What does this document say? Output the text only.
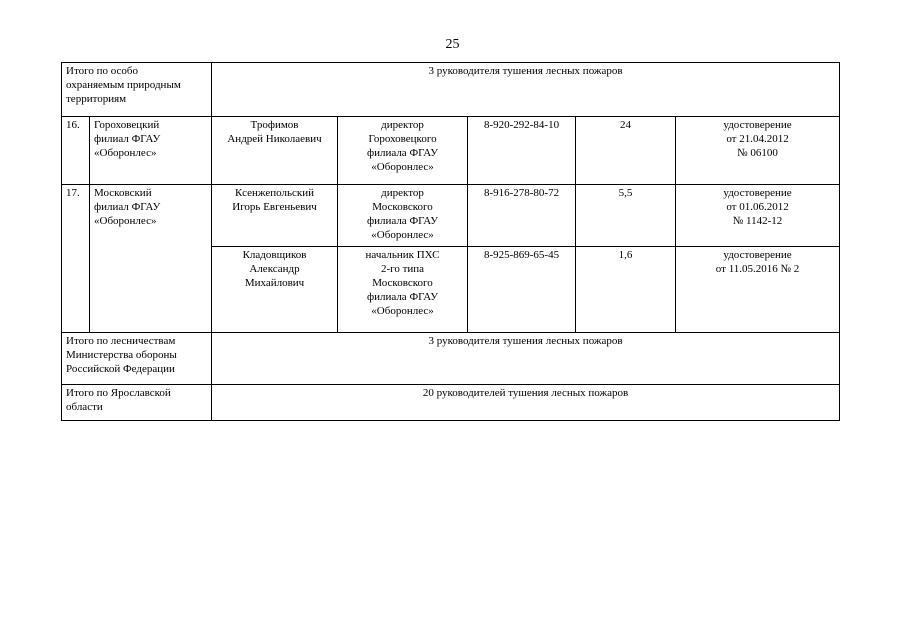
25
Итого по особо
охраняемым природным
территориям		3 руководителя тушения лесных пожаров				
16.	Гороховецкий
филиал ФГАУ
«Оборонлес»	Трофимов
Андрей Николаевич	директор
Гороховецкого
филиала ФГАУ
«Оборонлес»	8-920-292-84-10	24	удостоверение
от 21.04.2012
№ 06100
17.	Московский
филиал ФГАУ
«Оборонлес»	Ксенжепольский
Игорь Евгеньевич	директор
Московского
филиала ФГАУ
«Оборонлес»	8-916-278-80-72	5,5	удостоверение
от 01.06.2012
№ 1142-12
		Кладовщиков
Александр
Михайлович	начальник ПХС
2-го типа
Московского
филиала ФГАУ
«Оборонлес»	8-925-869-65-45	1,6	удостоверение
от 11.05.2016 № 2
Итого по лесничествам
Министерства обороны
Российской Федерации		3 руководителя тушения лесных пожаров				
Итого по Ярославской
области		20 руководителей тушения лесных пожаров				
